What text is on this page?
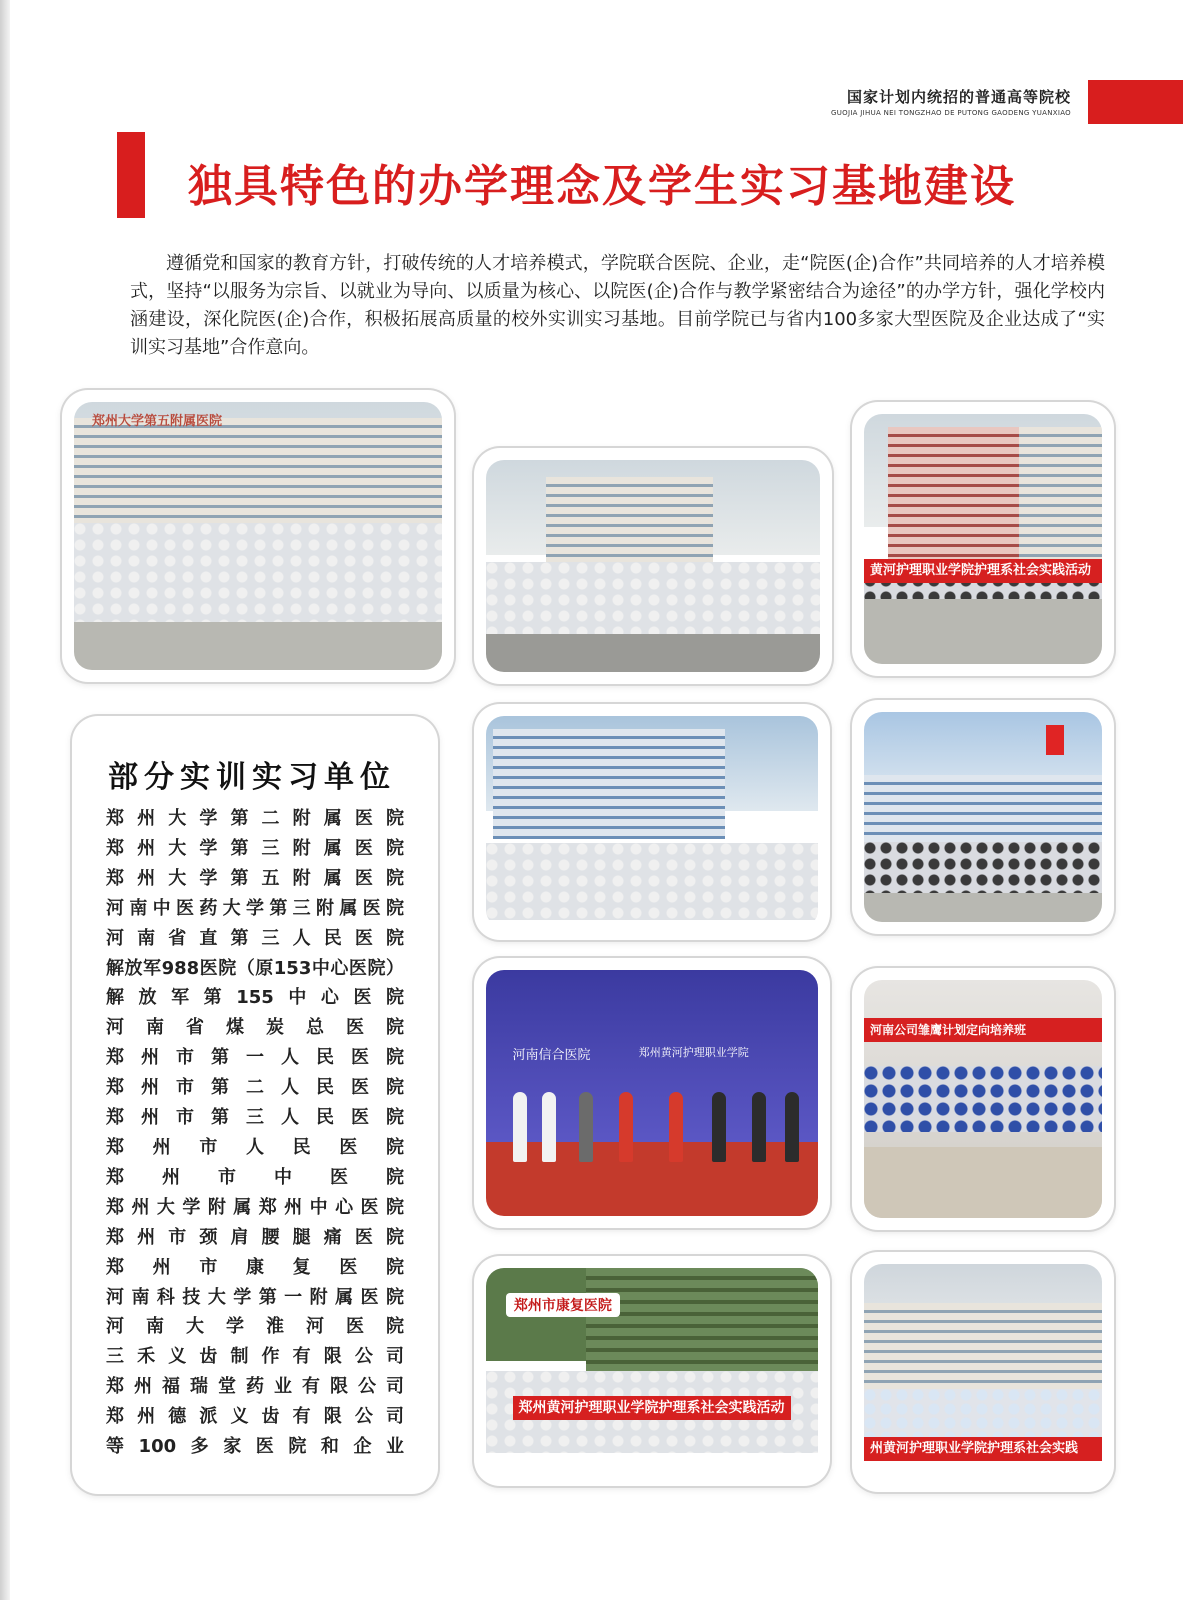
国家计划内统招的普通高等院校
GUOJIA JIHUA NEI TONGZHAO DE PUTONG GAODENG YUANXIAO
独具特色的办学理念及学生实习基地建设

遵循党和国家的教育方针，打破传统的人才培养模式，学院联合医院、企业，走“院医(企)合作”共同培养的人才培养模式，坚持“以服务为宗旨、以就业为导向、以质量为核心、以院医(企)合作与教学紧密结合为途径”的办学方针，强化学校内涵建设，深化院医(企)合作，积极拓展高质量的校外实训实习基地。目前学院已与省内100多家大型医院及企业达成了“实训实习基地”合作意向。

郑州大学第五附属医院
黄河护理职业学院护理系社会实践活动
河南信合医院	郑州黄河护理职业学院
河南公司雏鹰计划定向培养班
郑州市康复医院
郑州黄河护理职业学院护理系社会实践活动
州黄河护理职业学院护理系社会实践
部分实训实习单位
郑州大学第二附属医院
郑州大学第三附属医院
郑州大学第五附属医院
河南中医药大学第三附属医院
河南省直第三人民医院
解放军988医院（原153中心医院）
解放军第155中心医院
河南省煤炭总医院
郑州市第一人民医院
郑州市第二人民医院
郑州市第三人民医院
郑州市人民医院
郑州市中医院
郑州大学附属郑州中心医院
郑州市颈肩腰腿痛医院
郑州市康复医院
河南科技大学第一附属医院
河南大学淮河医院
三禾义齿制作有限公司
郑州福瑞堂药业有限公司
郑州德派义齿有限公司
等100多家医院和企业
